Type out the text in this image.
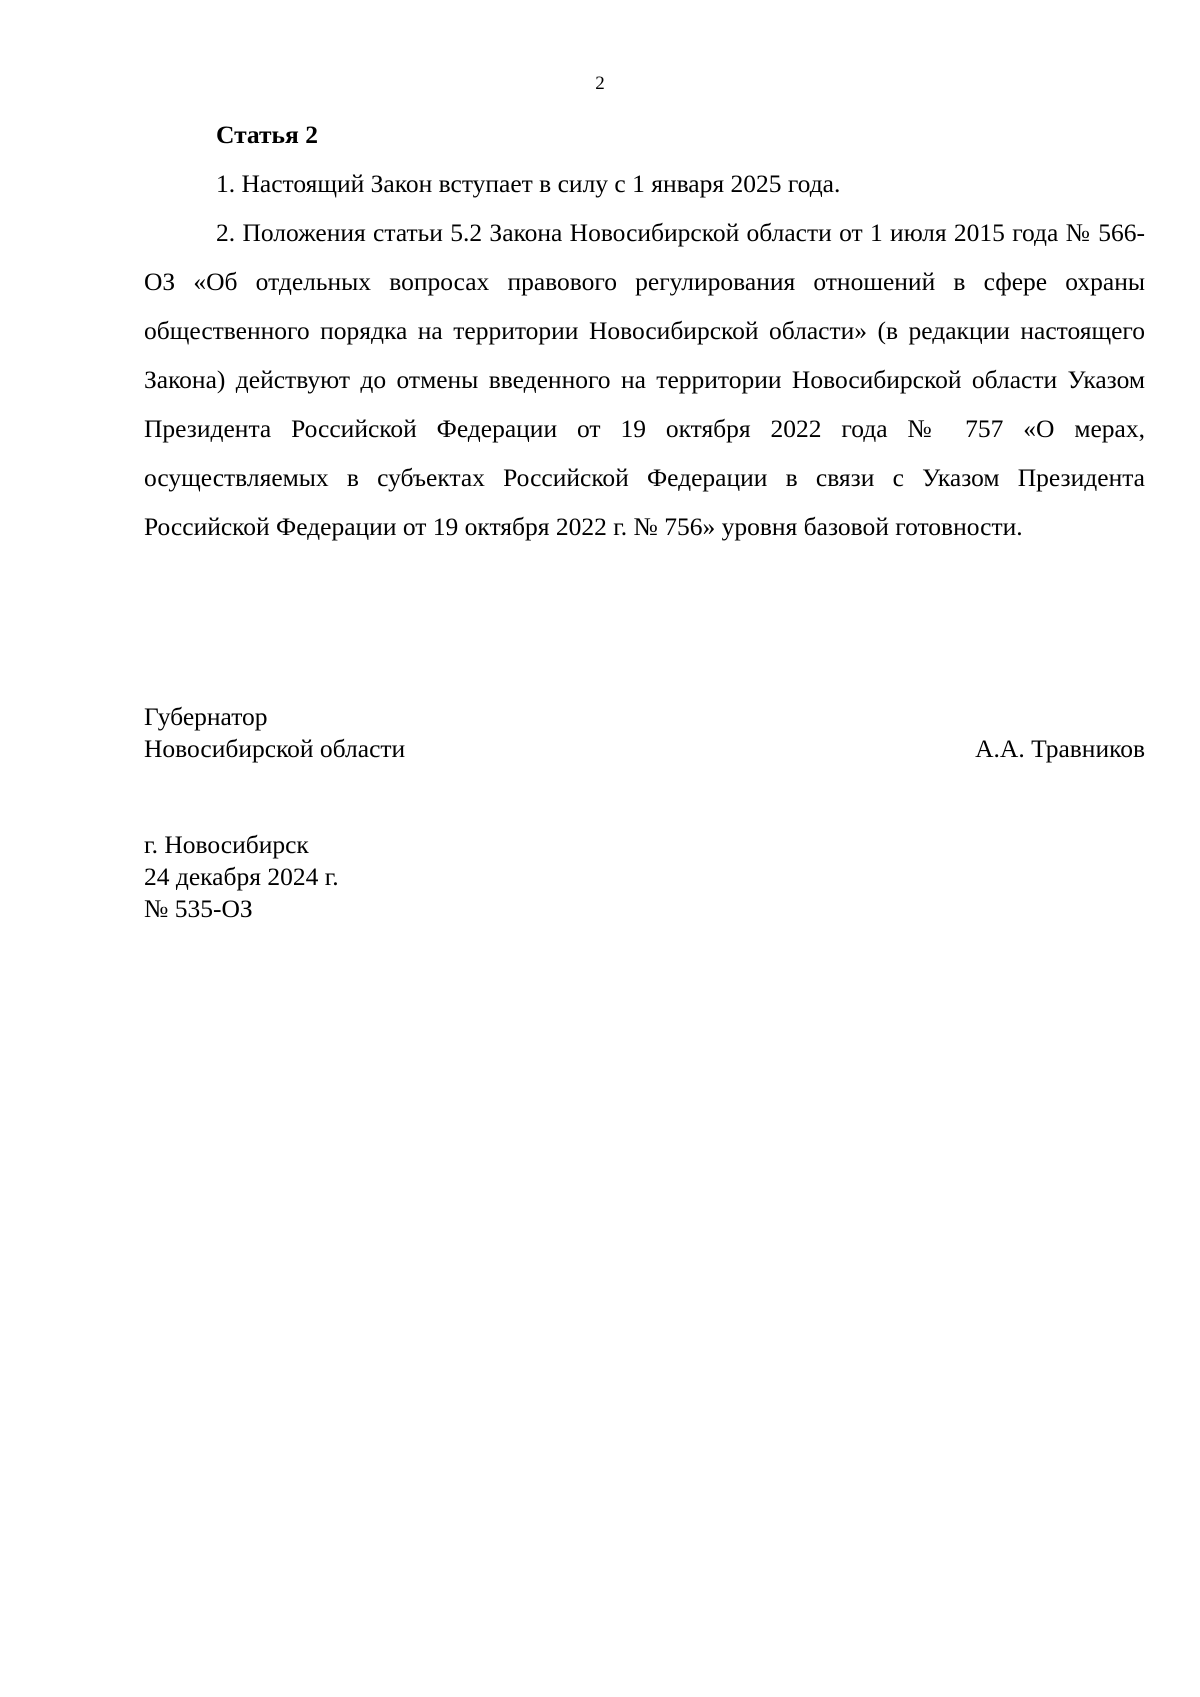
2

Статья 2

1. Настоящий Закон вступает в силу с 1 января 2025 года.

2. Положения статьи 5.2 Закона Новосибирской области от 1 июля 2015 года № 566-ОЗ «Об отдельных вопросах правового регулирования отношений в сфере охраны общественного порядка на территории Новосибирской области» (в редакции настоящего Закона) действуют до отмены введенного на территории Новосибирской области Указом Президента Российской Федерации от 19 октября 2022 года № 757 «О мерах, осуществляемых в субъектах Российской Федерации в связи с Указом Президента Российской Федерации от 19 октября 2022 г. № 756» уровня базовой готовности.

Губернатор
Новосибирской области	А.А. Травников
г. Новосибирск
24 декабря 2024 г.
№ 535-ОЗ
